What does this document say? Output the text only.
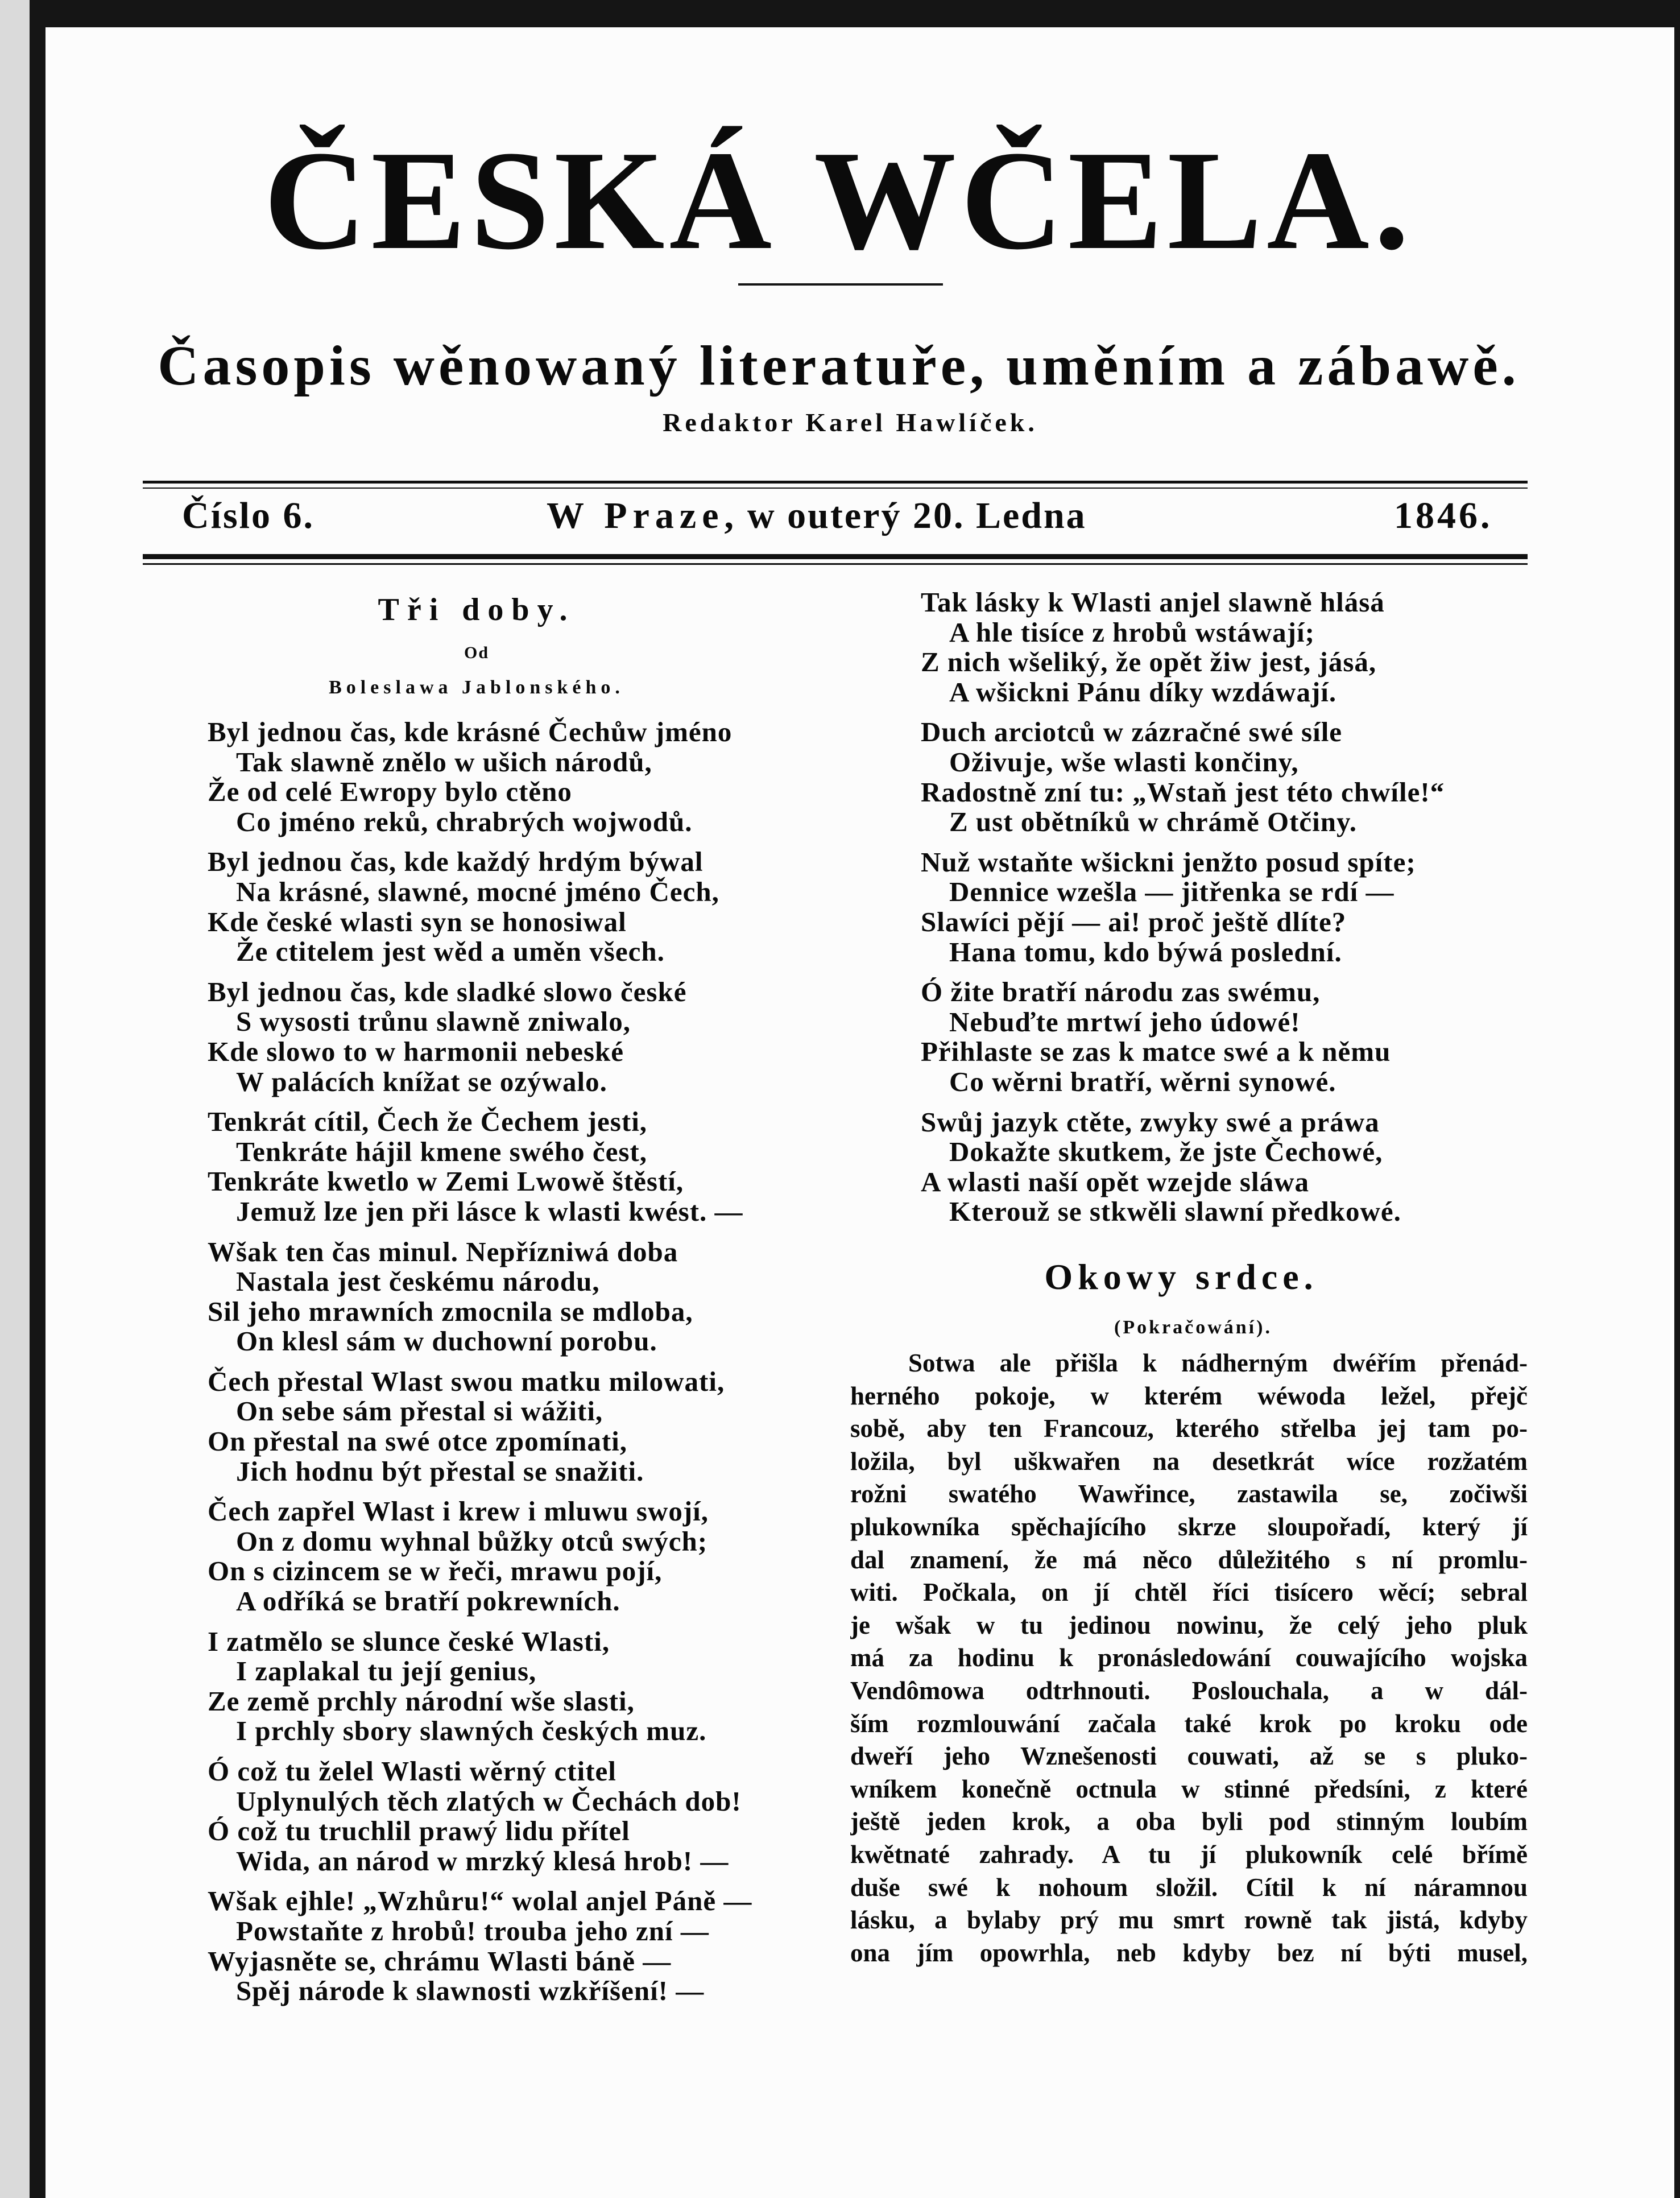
ČESKÁ WČELA.
Časopis wěnowaný literatuře, uměním a zábawě.
Redaktor Karel Hawlíček.
Číslo 6.	W Praze, w outerý 20. Ledna	1846.
Tři doby.
Od
Boleslawa Jablonského.
Byl jednou čas, kde krásné Čechůw jméno
Tak slawně znělo w ušich národů,
Že od celé Ewropy bylo ctěno
Co jméno reků, chrabrých wojwodů.
Byl jednou čas, kde každý hrdým býwal
Na krásné, slawné, mocné jméno Čech,
Kde české wlasti syn se honosiwal
Že ctitelem jest wěd a uměn všech.
Byl jednou čas, kde sladké slowo české
S wysosti trůnu slawně zniwalo,
Kde slowo to w harmonii nebeské
W palácích knížat se ozýwalo.
Tenkrát cítil, Čech že Čechem jesti,
Tenkráte hájil kmene swého čest,
Tenkráte kwetlo w Zemi Lwowě štěstí,
Jemuž lze jen při lásce k wlasti kwést. —
Wšak ten čas minul. Nepřízniwá doba
Nastala jest českému národu,
Sil jeho mrawních zmocnila se mdloba,
On klesl sám w duchowní porobu.
Čech přestal Wlast swou matku milowati,
On sebe sám přestal si wážiti,
On přestal na swé otce zpomínati,
Jich hodnu být přestal se snažiti.
Čech zapřel Wlast i krew i mluwu swojí,
On z domu wyhnal bůžky otců swých;
On s cizincem se w řeči, mrawu pojí,
A odříká se bratří pokrewních.
I zatmělo se slunce české Wlasti,
I zaplakal tu její genius,
Ze země prchly národní wše slasti,
I prchly sbory slawných českých muz.
Ó což tu želel Wlasti wěrný ctitel
Uplynulých těch zlatých w Čechách dob!
Ó což tu truchlil prawý lidu přítel
Wida, an národ w mrzký klesá hrob! —
Wšak ejhle! „Wzhůru!“ wolal anjel Páně —
Powstaňte z hrobů! trouba jeho zní —
Wyjasněte se, chrámu Wlasti báně —
Spěj národe k slawnosti wzkříšení! —
Tak lásky k Wlasti anjel slawně hlásá
A hle tisíce z hrobů wstáwají;
Z nich wšeliký, že opět žiw jest, jásá,
A wšickni Pánu díky wzdáwají.
Duch arciotců w zázračné swé síle
Oživuje, wše wlasti končiny,
Radostně zní tu: „Wstaň jest této chwíle!“
Z ust obětníků w chrámě Otčiny.
Nuž wstaňte wšickni jenžto posud spíte;
Dennice wzešla — jitřenka se rdí —
Slawíci pějí — ai! proč ještě dlíte?
Hana tomu, kdo býwá poslední.
Ó žite bratří národu zas swému,
Nebuďte mrtwí jeho údowé!
Přihlaste se zas k matce swé a k němu
Co wěrni bratří, wěrni synowé.
Swůj jazyk ctěte, zwyky swé a práwa
Dokažte skutkem, že jste Čechowé,
A wlasti naší opět wzejde sláwa
Kterouž se stkwěli slawní předkowé.
Okowy srdce.
(Pokračowání).
Sotwa ale přišla k nádherným dwéřím přenád-
herného pokoje, w kterém wéwoda ležel, přejč
sobě, aby ten Francouz, kterého střelba jej tam po-
ložila, byl uškwařen na desetkrát wíce rozžatém
rožni swatého Wawřince, zastawila se, zočiwši
plukowníka spěchajícího skrze sloupořadí, který jí
dal znamení, že má něco důležitého s ní promlu-
witi. Počkala, on jí chtěl říci tisícero wěcí; sebral
je wšak w tu jedinou nowinu, že celý jeho pluk
má za hodinu k pronásledowání couwajícího wojska
Vendômowa odtrhnouti. Poslouchala, a w dál-
ším rozmlouwání začala také krok po kroku ode
dweří jeho Wznešenosti couwati, až se s pluko-
wníkem konečně octnula w stinné předsíni, z které
ještě jeden krok, a oba byli pod stinným loubím
kwětnaté zahrady. A tu jí plukowník celé břímě
duše swé k nohoum složil. Cítil k ní náramnou
lásku, a bylaby prý mu smrt rowně tak jistá, kdyby
ona jím opowrhla, neb kdyby bez ní býti musel,
